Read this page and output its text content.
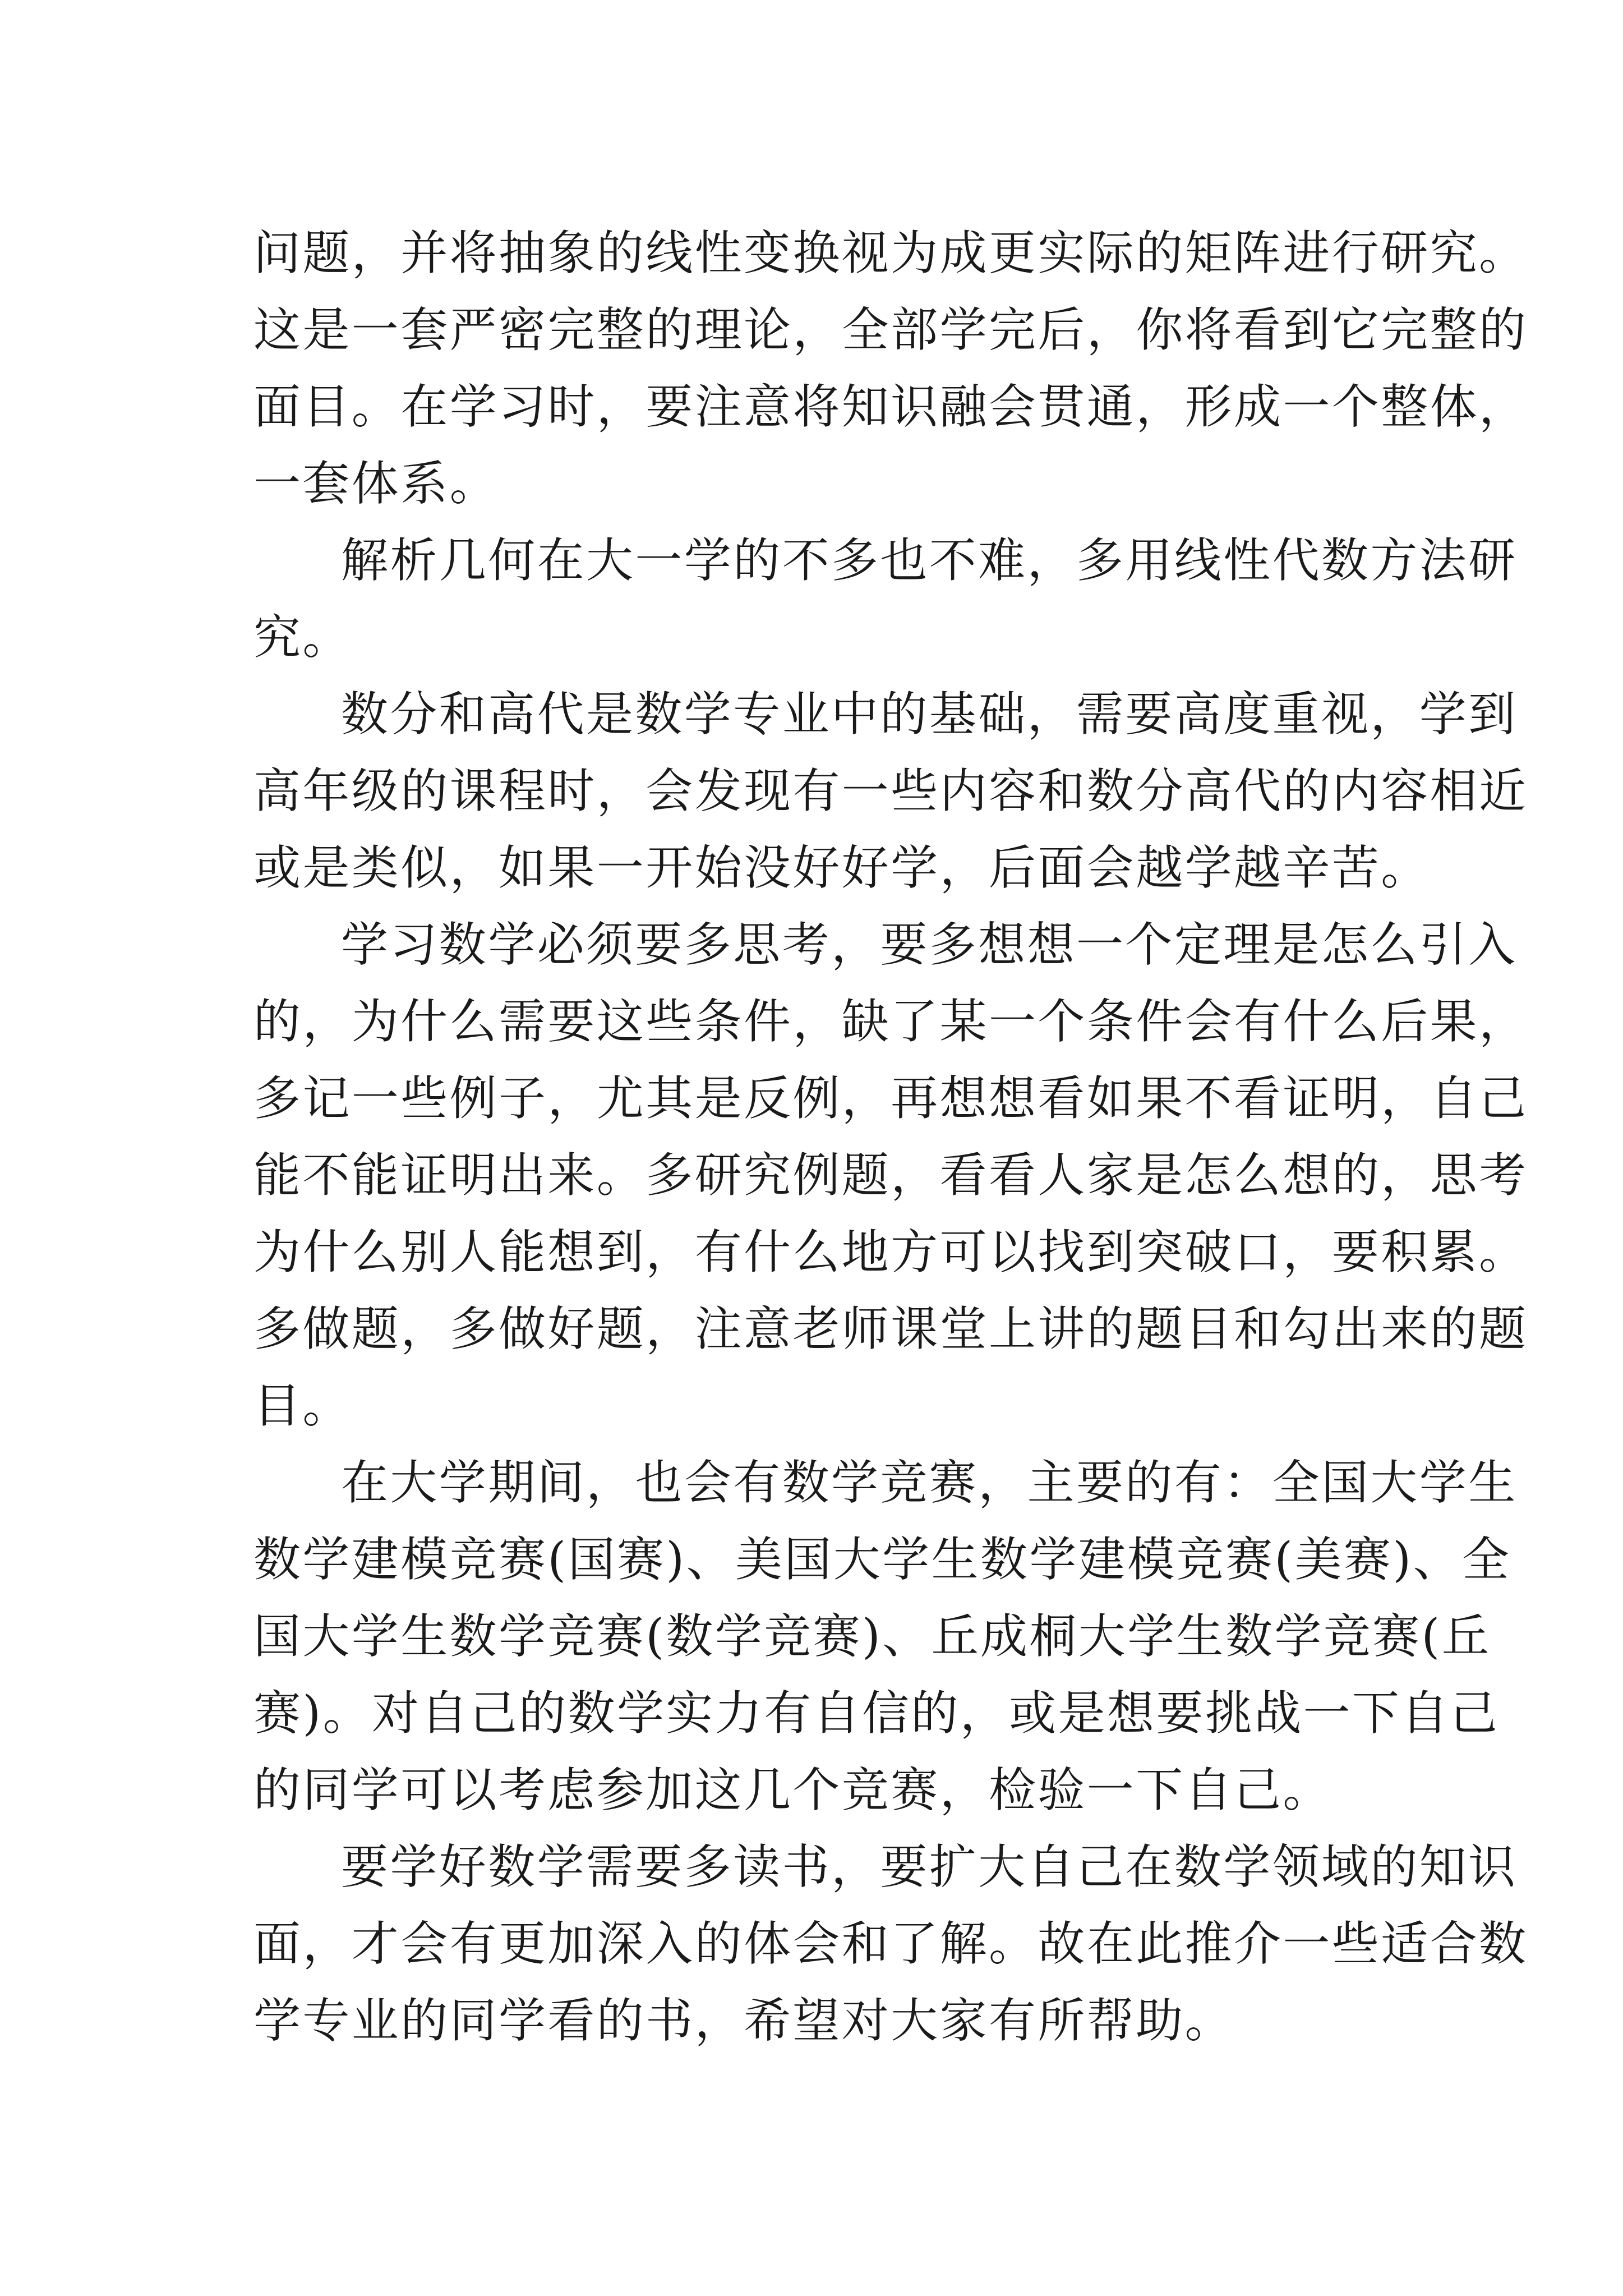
问题，并将抽象的线性变换视为成更实际的矩阵进行研究。
这是一套严密完整的理论，全部学完后，你将看到它完整的
面目。在学习时，要注意将知识融会贯通，形成一个整体，
一套体系。

解析几何在大一学的不多也不难，多用线性代数方法研
究。

数分和高代是数学专业中的基础，需要高度重视，学到
高年级的课程时，会发现有一些内容和数分高代的内容相近
或是类似，如果一开始没好好学，后面会越学越辛苦。

学习数学必须要多思考，要多想想一个定理是怎么引入
的，为什么需要这些条件，缺了某一个条件会有什么后果，
多记一些例子，尤其是反例，再想想看如果不看证明，自己
能不能证明出来。多研究例题，看看人家是怎么想的，思考
为什么别人能想到，有什么地方可以找到突破口，要积累。
多做题，多做好题，注意老师课堂上讲的题目和勾出来的题
目。

在大学期间，也会有数学竞赛，主要的有：全国大学生
数学建模竞赛(国赛)、美国大学生数学建模竞赛(美赛)、全
国大学生数学竞赛(数学竞赛)、丘成桐大学生数学竞赛(丘
赛)。对自己的数学实力有自信的，或是想要挑战一下自己
的同学可以考虑参加这几个竞赛，检验一下自己。

要学好数学需要多读书，要扩大自己在数学领域的知识
面，才会有更加深入的体会和了解。故在此推介一些适合数
学专业的同学看的书，希望对大家有所帮助。
